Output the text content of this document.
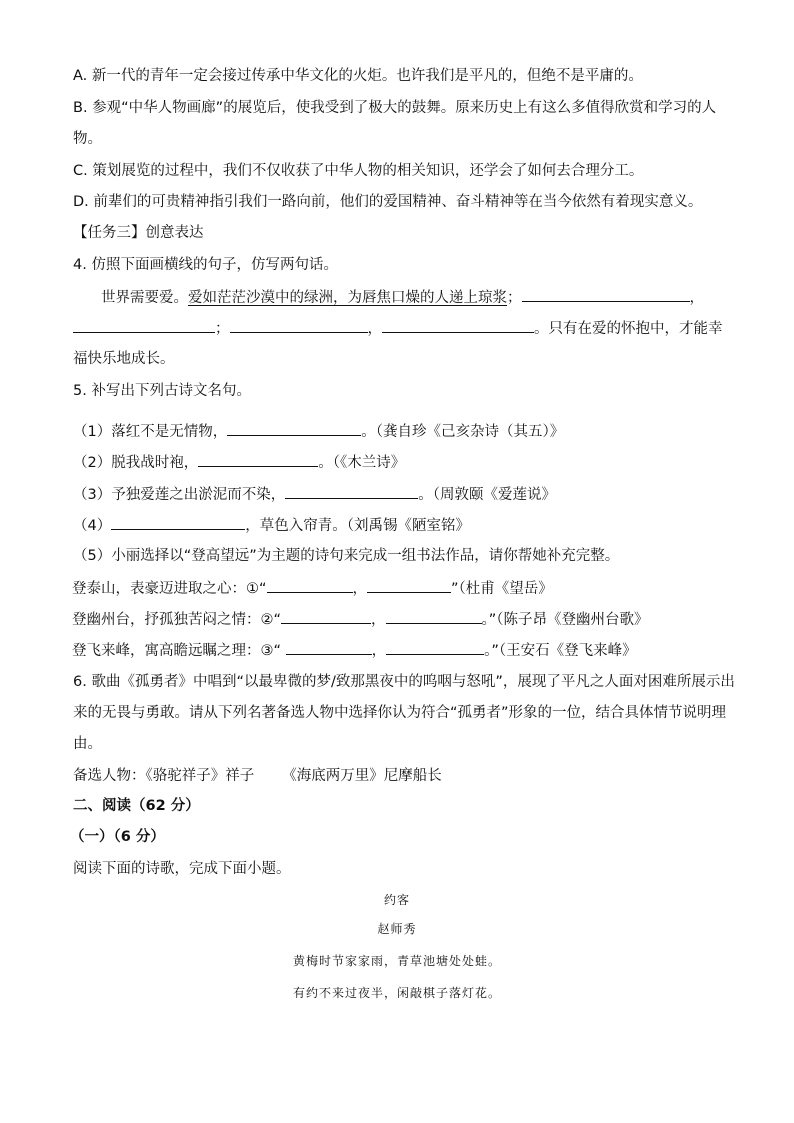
A. 新一代的青年一定会接过传承中华文化的火炬。也许我们是平凡的，但绝不是平庸的。
B. 参观“中华人物画廊”的展览后，使我受到了极大的鼓舞。原来历史上有这么多值得欣赏和学习的人
物。
C. 策划展览的过程中，我们不仅收获了中华人物的相关知识，还学会了如何去合理分工。
D. 前辈们的可贵精神指引我们一路向前，他们的爱国精神、奋斗精神等在当今依然有着现实意义。
【任务三】创意表达
4. 仿照下面画横线的句子，仿写两句话。
世界需要爱。爱如茫茫沙漠中的绿洲，为唇焦口燥的人递上琼浆；	，
；	，	。只有在爱的怀抱中，才能幸
福快乐地成长。
5. 补写出下列古诗文名句。
（1）落红不是无情物，	。（龚自珍《己亥杂诗（其五）》
（2）脱我战时袍，	。（《木兰诗》
（3）予独爱莲之出淤泥而不染，	。（周敦颐《爱莲说》
（4）	，草色入帘青。（刘禹锡《陋室铭》
（5）小丽选择以“登高望远”为主题的诗句来完成一组书法作品，请你帮她补充完整。
登泰山，表豪迈进取之心：①“	，	”（杜甫《望岳》
登幽州台，抒孤独苦闷之情：②“	，	。”（陈子昂《登幽州台歌》
登飞来峰，寓高瞻远瞩之理：③“	，	。”（王安石《登飞来峰》
6. 歌曲《孤勇者》中唱到“以最卑微的梦/致那黑夜中的呜咽与怒吼”，展现了平凡之人面对困难所展示出
来的无畏与勇敢。请从下列名著备选人物中选择你认为符合“孤勇者”形象的一位，结合具体情节说明理
由。
备选人物：《骆驼祥子》祥子 《海底两万里》尼摩船长
二、阅读（62 分）
（一）（6 分）
阅读下面的诗歌，完成下面小题。
约客
赵师秀
黄梅时节家家雨，青草池塘处处蛙。
有约不来过夜半，闲敲棋子落灯花。
